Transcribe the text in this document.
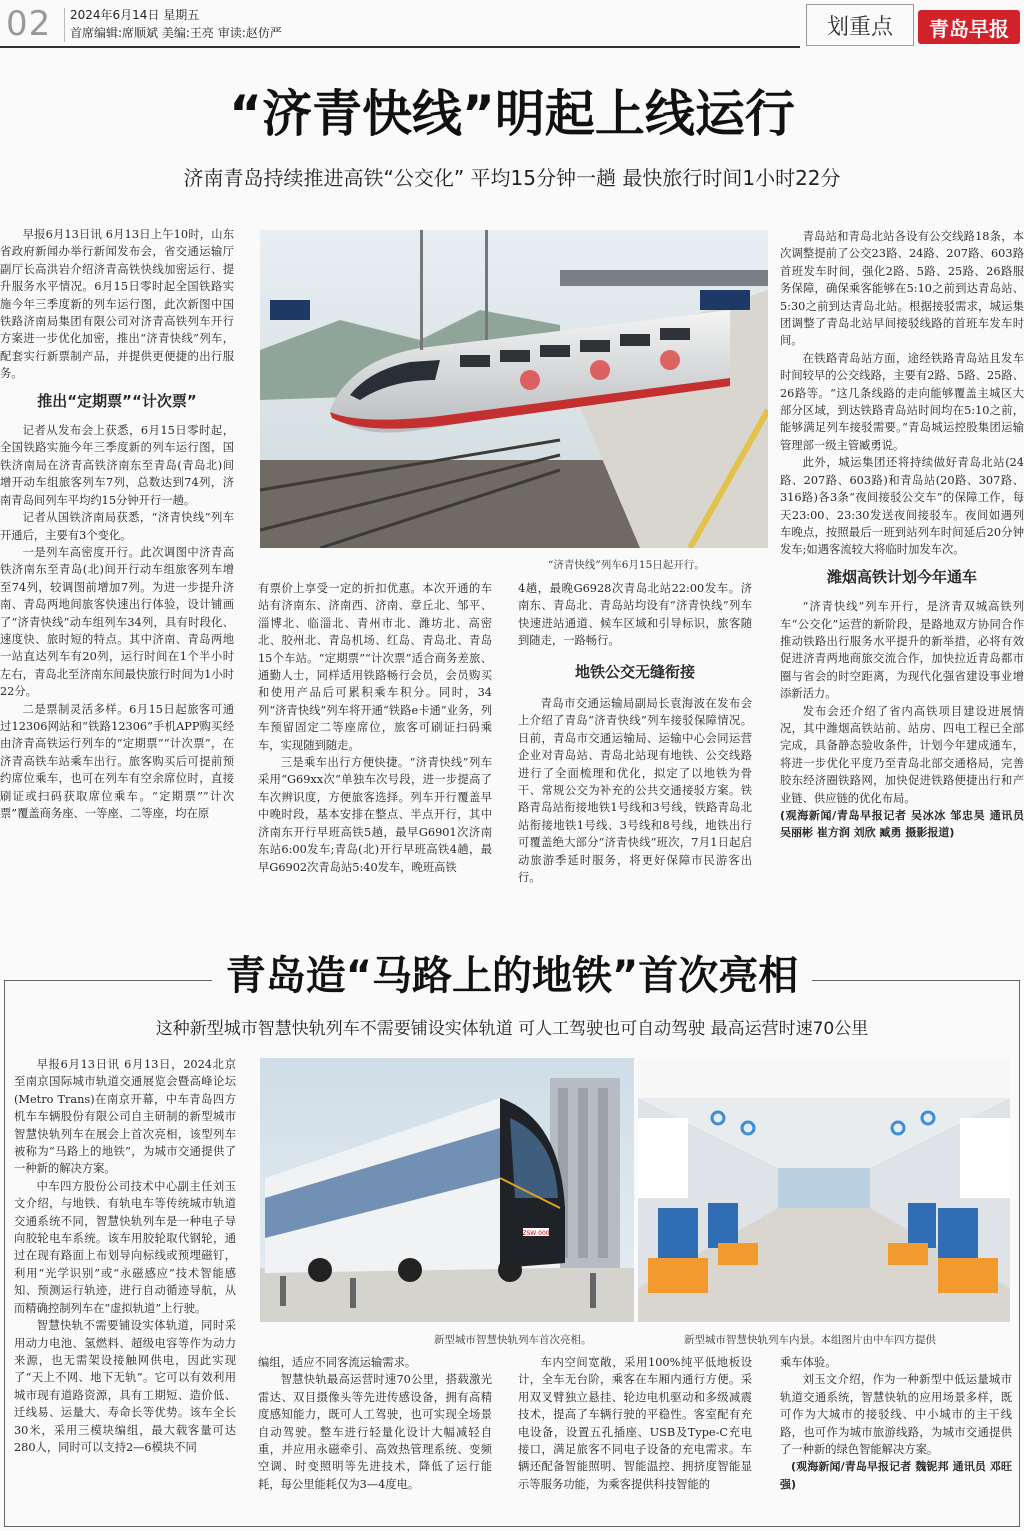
02 2024年6月14日 星期五
首席编辑:席顺斌 美编:王亮 审读:赵仿严	划重点	青岛早报
“济青快线”明起上线运行
济南青岛持续推进高铁“公交化” 平均15分钟一趟 最快旅行时间1小时22分

早报6月13日讯 6月13日上午10时，山东省政府新闻办举行新闻发布会，省交通运输厅副厅长高洪岩介绍济青高铁快线加密运行、提升服务水平情况。6月15日零时起全国铁路实施今年三季度新的列车运行图，此次新图中国铁路济南局集团有限公司对济青高铁列车开行方案进一步优化加密，推出“济青快线”列车，配套实行新票制产品，并提供更便捷的出行服务。

推出“定期票”“计次票”

记者从发布会上获悉，6月15日零时起，全国铁路实施今年三季度新的列车运行图，国铁济南局在济青高铁济南东至青岛(青岛北)间增开动车组旅客列车7列，总数达到74列，济南青岛间列车平均约15分钟开行一趟。

记者从国铁济南局获悉，“济青快线”列车开通后，主要有3个变化。

一是列车高密度开行。此次调图中济青高铁济南东至青岛(北)间开行动车组旅客列车增至74列，较调图前增加7列。为进一步提升济南、青岛两地间旅客快速出行体验，设计铺画了“济青快线”动车组列车34列，具有时段化、速度快、旅时短的特点。其中济南、青岛两地一站直达列车有20列，运行时间在1个半小时左右，青岛北至济南东间最快旅行时间为1小时22分。

二是票制灵活多样。6月15日起旅客可通过12306网站和“铁路12306”手机APP购买经由济青高铁运行列车的“定期票”“计次票”，在济青高铁车站乘车出行。旅客购买后可提前预约席位乘车，也可在列车有空余席位时，直接刷证或扫码获取席位乘车。“定期票”“计次票”覆盖商务座、一等座、二等座，均在原

“济青快线”列车6月15日起开行。

有票价上享受一定的折扣优惠。本次开通的车站有济南东、济南西、济南、章丘北、邹平、淄博北、临淄北、青州市北、潍坊北、高密北、胶州北、青岛机场、红岛、青岛北、青岛15个车站。“定期票”“计次票”适合商务差旅、通勤人士，同样适用铁路畅行会员，会员购买和使用产品后可累积乘车积分。同时，34列“济青快线”列车将开通“铁路e卡通”业务，列车预留固定二等座席位，旅客可刷证扫码乘车，实现随到随走。

三是乘车出行方便快捷。“济青快线”列车采用“G69xx次”单独车次号段，进一步提高了车次辨识度，方便旅客选择。列车开行覆盖早中晚时段，基本安排在整点、半点开行，其中济南东开行早班高铁5趟，最早G6901次济南东站6:00发车;青岛(北)开行早班高铁4趟，最早G6902次青岛站5:40发车，晚班高铁

4趟，最晚G6928次青岛北站22:00发车。济南东、青岛北、青岛站均设有“济青快线”列车快速进站通道、候车区域和引导标识，旅客随到随走，一路畅行。

地铁公交无缝衔接

青岛市交通运输局副局长袁海波在发布会上介绍了青岛“济青快线”列车接驳保障情况。日前，青岛市交通运输局、运输中心会同运营企业对青岛站、青岛北站现有地铁、公交线路进行了全面梳理和优化，拟定了以地铁为骨干、常规公交为补充的公共交通接驳方案。铁路青岛站衔接地铁1号线和3号线，铁路青岛北站衔接地铁1号线、3号线和8号线，地铁出行可覆盖绝大部分“济青快线”班次，7月1日起启动旅游季延时服务，将更好保障市民游客出行。

青岛站和青岛北站各设有公交线路18条，本次调整提前了公交23路、24路、207路、603路首班发车时间，强化2路、5路、25路、26路服务保障，确保乘客能够在5:10之前到达青岛站、5:30之前到达青岛北站。根据接驳需求，城运集团调整了青岛北站早间接驳线路的首班车发车时间。

在铁路青岛站方面，途经铁路青岛站且发车时间较早的公交线路，主要有2路、5路、25路、26路等。“这几条线路的走向能够覆盖主城区大部分区域，到达铁路青岛站时间均在5:10之前，能够满足列车接驳需要。”青岛城运控股集团运输管理部一级主管臧勇说。

此外，城运集团还将持续做好青岛北站(24路、207路、603路)和青岛站(20路、307路、316路)各3条“夜间接驳公交车”的保障工作，每天23:00、23:30发送夜间接驳车。夜间如遇列车晚点，按照最后一班到站列车时间延后20分钟发车;如遇客流较大将临时加发车次。

潍烟高铁计划今年通车

“济青快线”列车开行，是济青双城高铁列车“公交化”运营的新阶段，是路地双方协同合作推动铁路出行服务水平提升的新举措，必将有效促进济青两地商旅交流合作，加快拉近青岛都市圈与省会的时空距离，为现代化强省建设事业增添新活力。

发布会还介绍了省内高铁项目建设进展情况，其中潍烟高铁站前、站房、四电工程已全部完成，具备静态验收条件，计划今年建成通车，将进一步优化平度乃至青岛北部交通格局，完善胶东经济圈铁路网，加快促进铁路便捷出行和产业链、供应链的优化布局。

(观海新闻/青岛早报记者 吴冰冰 邹忠昊 通讯员 吴丽彬 崔方润 刘欣 臧勇 摄影报道)
青岛造“马路上的地铁”首次亮相
这种新型城市智慧快轨列车不需要铺设实体轨道 可人工驾驶也可自动驾驶 最高运营时速70公里

早报6月13日讯 6月13日，2024北京至南京国际城市轨道交通展览会暨高峰论坛(Metro Trans)在南京开幕，中车青岛四方机车车辆股份有限公司自主研制的新型城市智慧快轨列车在展会上首次亮相，该型列车被称为“马路上的地铁”，为城市交通提供了一种新的解决方案。

中车四方股份公司技术中心副主任刘玉文介绍，与地铁、有轨电车等传统城市轨道交通系统不同，智慧快轨列车是一种电子导向胶轮电车系统。该车用胶轮取代钢轮，通过在现有路面上布划导向标线或预埋磁钉，利用“光学识别”或“永磁感应”技术智能感知、预测运行轨迹，进行自动循迹导航，从而精确控制列车在“虚拟轨道”上行驶。

智慧快轨不需要铺设实体轨道，同时采用动力电池、氢燃料、超级电容等作为动力来源，也无需架设接触网供电，因此实现了“天上不网、地下无轨”。它可以有效利用城市现有道路资源，具有工期短、造价低、迁线易、运量大、寿命长等优势。该车全长30米，采用三模块编组，最大载客量可达280人，同时可以支持2—6模块不同

ZSW 000
新型城市智慧快轨列车首次亮相。	新型城市智慧快轨列车内景。本组图片由中车四方提供

编组，适应不同客流运输需求。

智慧快轨最高运营时速70公里，搭载激光雷达、双目摄像头等先进传感设备，拥有高精度感知能力，既可人工驾驶，也可实现全场景自动驾驶。整车进行轻量化设计大幅减轻自重，并应用永磁牵引、高效热管理系统、变频空调、时变照明等先进技术，降低了运行能耗，每公里能耗仅为3—4度电。

车内空间宽敞，采用100%纯平低地板设计，全车无台阶，乘客在车厢内通行方便。采用双叉臂独立悬挂、轮边电机驱动和多级减震技术，提高了车辆行驶的平稳性。客室配有充电设备，设置五孔插座、USB及Type-C充电接口，满足旅客不同电子设备的充电需求。车辆还配备智能照明、智能温控、拥挤度智能显示等服务功能，为乘客提供科技智能的

乘车体验。

刘玉文介绍，作为一种新型中低运量城市轨道交通系统，智慧快轨的应用场景多样，既可作为大城市的接驳线、中小城市的主干线路，也可作为城市旅游线路，为城市交通提供了一种新的绿色智能解决方案。

(观海新闻/青岛早报记者 魏铌邦 通讯员 邓旺强)
